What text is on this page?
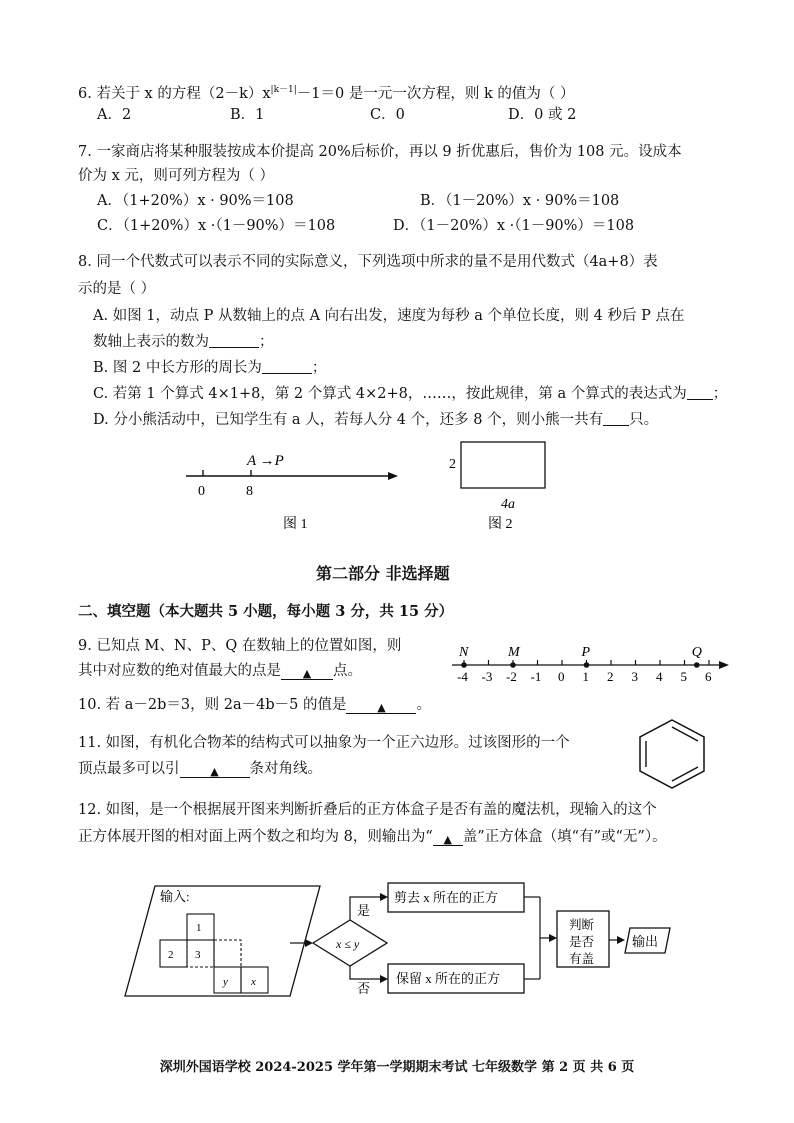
6. 若关于 x 的方程$(2-k)x^{|k-1|}-1=0$ 是一元一次方程，则 k 的值为（ ）
A．2	B．1	C．0	D．0 或 2
7. 一家商店将某种服装按成本价提高 20%后标价，再以 9 折优惠后，售价为 108 元。设成本
价为 x 元，则可列方程为（ ）
A．（1+20%）x · 90%＝108	B．（1－20%）x · 90%＝108
C．（1+20%）x ·（1－90%）＝108	D．（1－20%）x ·（1－90%）＝108
8. 同一个代数式可以表示不同的实际意义，下列选项中所求的量不是用代数式（4a+8）表
示的是（ ）
A. 如图 1，动点 P 从数轴上的点 A 向右出发，速度为每秒 a 个单位长度，则 4 秒后 P 点在
数轴上表示的数为	；
B. 图 2 中长方形的周长为	；
C. 若第 1 个算式 4×1+8，第 2 个算式 4×2+8，……，按此规律，第 a 个算式的表达式为 ；
D. 分小熊活动中，已知学生有 a 人，若每人分 4 个，还多 8 个，则小熊一共有 只。
A →P
0	8
图 1
2
4a
图 2
第二部分 非选择题
二、填空题（本大题共 5 小题，每小题 3 分，共 15 分）
9. 已知点 M、N、P、Q 在数轴上的位置如图，则
其中对应数的绝对值最大的点是 ▲ 点。	-4 -3 -2 -1 0 1 2 3 4 5 6
N	M	P	Q
10. 若 a－2b＝3，则 2a－4b－5 的值是	▲ 。
11. 如图，有机化合物苯的结构式可以抽象为一个正六边形。过该图形的一个
顶点最多可以引	▲ 条对角线。
12. 如图，是一个根据展开图来判断折叠后的正方体盒子是否有盖的魔法机，现输入的这个
正方体展开图的相对面上两个数之和均为 8，则输出为“ ▲ 盖”正方体盒（填“有”或“无”）。
输入:
1
2 3
y x
x ≤ y
是
否
剪去 x 所在的正方
保留 x 所在的正方
判断
是否
有盖
输出
深圳外国语学校 2024-2025 学年第一学期期末考试 七年级数学 第 2 页 共 6 页
